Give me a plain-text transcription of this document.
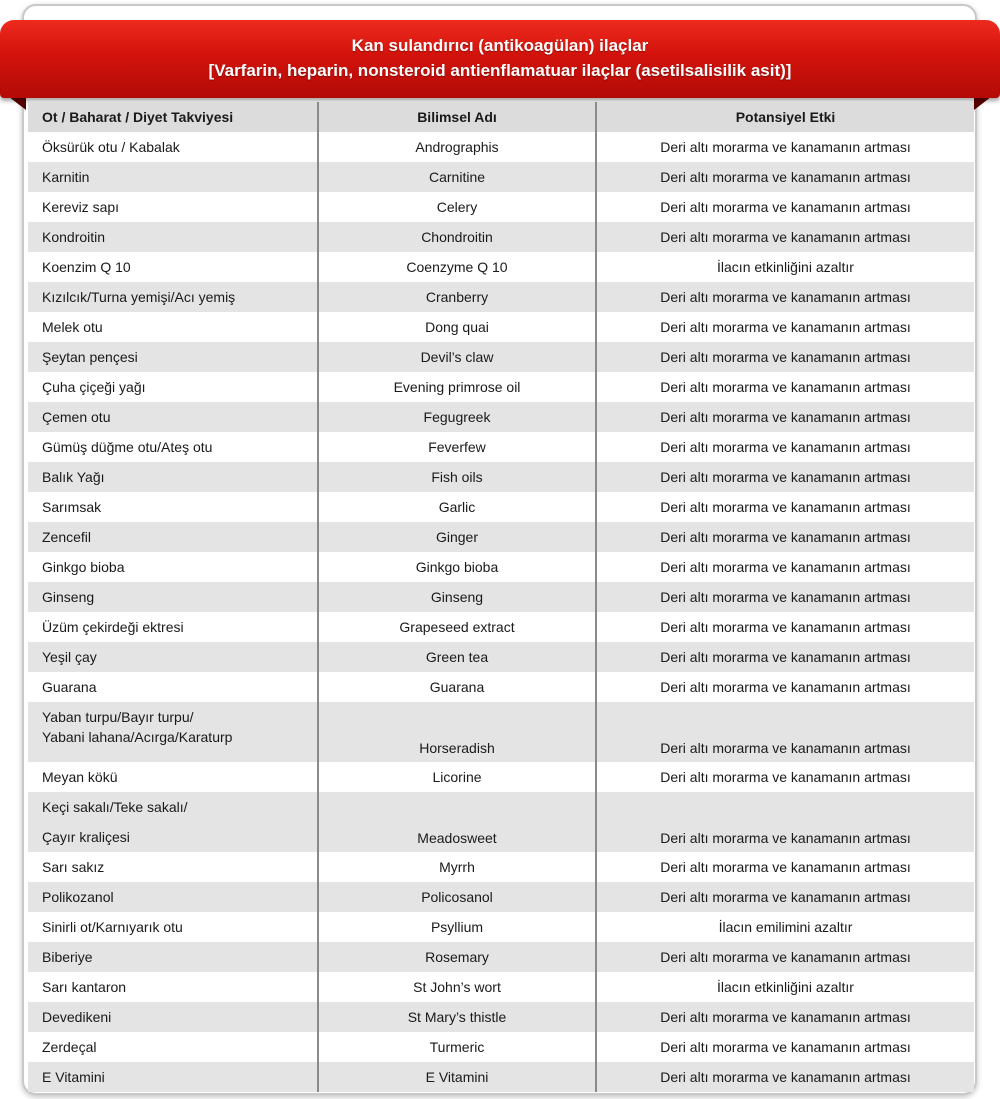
Kan sulandırıcı (antikoagülan) ilaçlar
[Varfarin, heparin, nonsteroid antienflamatuar ilaçlar (asetilsalisilik asit)]
Ot / Baharat / Diyet Takviyesi	Bilimsel Adı	Potansiyel Etki
Öksürük otu / Kabalak	Andrographis	Deri altı morarma ve kanamanın artması
Karnitin	Carnitine	Deri altı morarma ve kanamanın artması
Kereviz sapı	Celery	Deri altı morarma ve kanamanın artması
Kondroitin	Chondroitin	Deri altı morarma ve kanamanın artması
Koenzim Q 10	Coenzyme Q 10	İlacın etkinliğini azaltır
Kızılcık/Turna yemişi/Acı yemiş	Cranberry	Deri altı morarma ve kanamanın artması
Melek otu	Dong quai	Deri altı morarma ve kanamanın artması
Şeytan pençesi	Devil’s claw	Deri altı morarma ve kanamanın artması
Çuha çiçeği yağı	Evening primrose oil	Deri altı morarma ve kanamanın artması
Çemen otu	Fegugreek	Deri altı morarma ve kanamanın artması
Gümüş düğme otu/Ateş otu	Feverfew	Deri altı morarma ve kanamanın artması
Balık Yağı	Fish oils	Deri altı morarma ve kanamanın artması
Sarımsak	Garlic	Deri altı morarma ve kanamanın artması
Zencefil	Ginger	Deri altı morarma ve kanamanın artması
Ginkgo bioba	Ginkgo bioba	Deri altı morarma ve kanamanın artması
Ginseng	Ginseng	Deri altı morarma ve kanamanın artması
Üzüm çekirdeği ektresi	Grapeseed extract	Deri altı morarma ve kanamanın artması
Yeşil çay	Green tea	Deri altı morarma ve kanamanın artması
Guarana	Guarana	Deri altı morarma ve kanamanın artması

Yaban turpu/Bayır turpu/
Yabani lahana/Acırga/Karaturp	Horseradish	Deri altı morarma ve kanamanın artması
Meyan kökü	Licorine	Deri altı morarma ve kanamanın artması

Keçi sakalı/Teke sakalı/
Çayır kraliçesi	Meadosweet	Deri altı morarma ve kanamanın artması
Sarı sakız	Myrrh	Deri altı morarma ve kanamanın artması
Polikozanol	Policosanol	Deri altı morarma ve kanamanın artması
Sinirli ot/Karnıyarık otu	Psyllium	İlacın emilimini azaltır
Biberiye	Rosemary	Deri altı morarma ve kanamanın artması
Sarı kantaron	St John’s wort	İlacın etkinliğini azaltır
Devedikeni	St Mary’s thistle	Deri altı morarma ve kanamanın artması
Zerdeçal	Turmeric	Deri altı morarma ve kanamanın artması
E Vitamini	E Vitamini	Deri altı morarma ve kanamanın artması
